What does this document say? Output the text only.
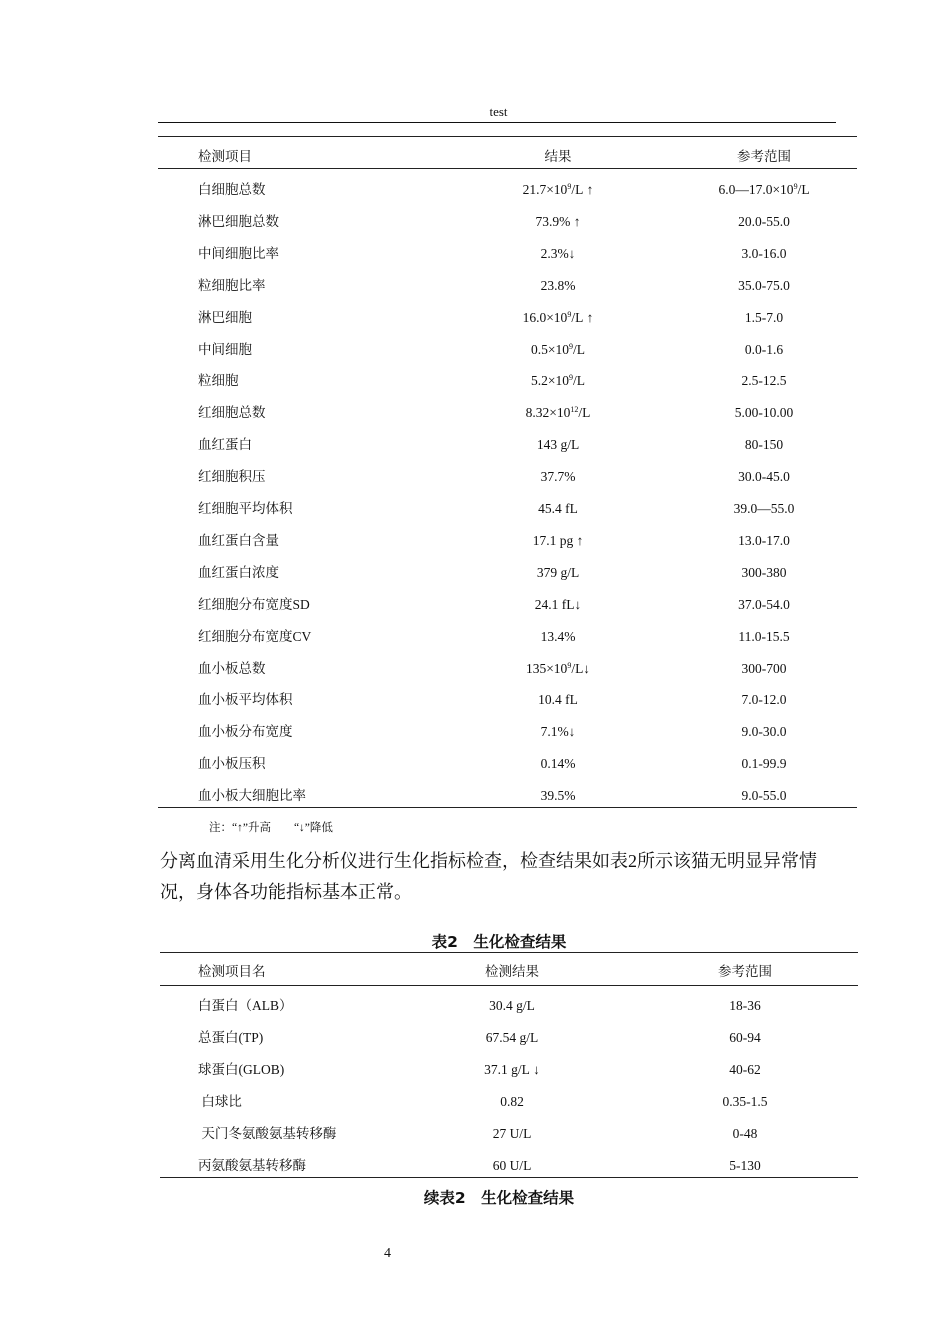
test
检测项目	结果	参考范围
白细胞总数	$21.7\times 10^9/L$ ↑	$6.0—17.0\times 10^9/L$
淋巴细胞总数	73.9% ↑	20.0-55.0
中间细胞比率	2.3%↓	3.0-16.0
粒细胞比率	23.8%	35.0-75.0
淋巴细胞	$16.0\times 10^9/L$ ↑	1.5-7.0
中间细胞	$0.5\times 10^9/L$	0.0-1.6
粒细胞	$5.2\times 10^9/L$	2.5-12.5
红细胞总数	$8.32\times 10^{12}/L$	5.00-10.00
血红蛋白	143 g/L	80-150
红细胞积压	37.7%	30.0-45.0
红细胞平均体积	45.4 fL	39.0—55.0
血红蛋白含量	17.1 pg ↑	13.0-17.0
血红蛋白浓度	379 g/L	300-380
红细胞分布宽度SD	24.1 fL↓	37.0-54.0
红细胞分布宽度CV	13.4%	11.0-15.5
血小板总数	$135\times 10^9/L↓$	300-700
血小板平均体积	10.4 fL	7.0-12.0
血小板分布宽度	7.1%↓	9.0-30.0
血小板压积	0.14%	0.1-99.9
血小板大细胞比率	39.5%	9.0-55.0
注：“↑”升高　　“↓”降低
分离血清采用生化分析仪进行生化指标检查，检查结果如表2所示该猫无明显异常情况，身体各功能指标基本正常。
表2　生化检查结果
检测项目名	检测结果	参考范围
白蛋白（ALB）	30.4 g/L	18-36
总蛋白(TP)	67.54 g/L	60-94
球蛋白(GLOB)	37.1 g/L ↓	40-62
白球比	0.82	0.35-1.5
天门冬氨酸氨基转移酶	27 U/L	0-48
丙氨酸氨基转移酶	60 U/L	5-130
续表2　生化检查结果
4
